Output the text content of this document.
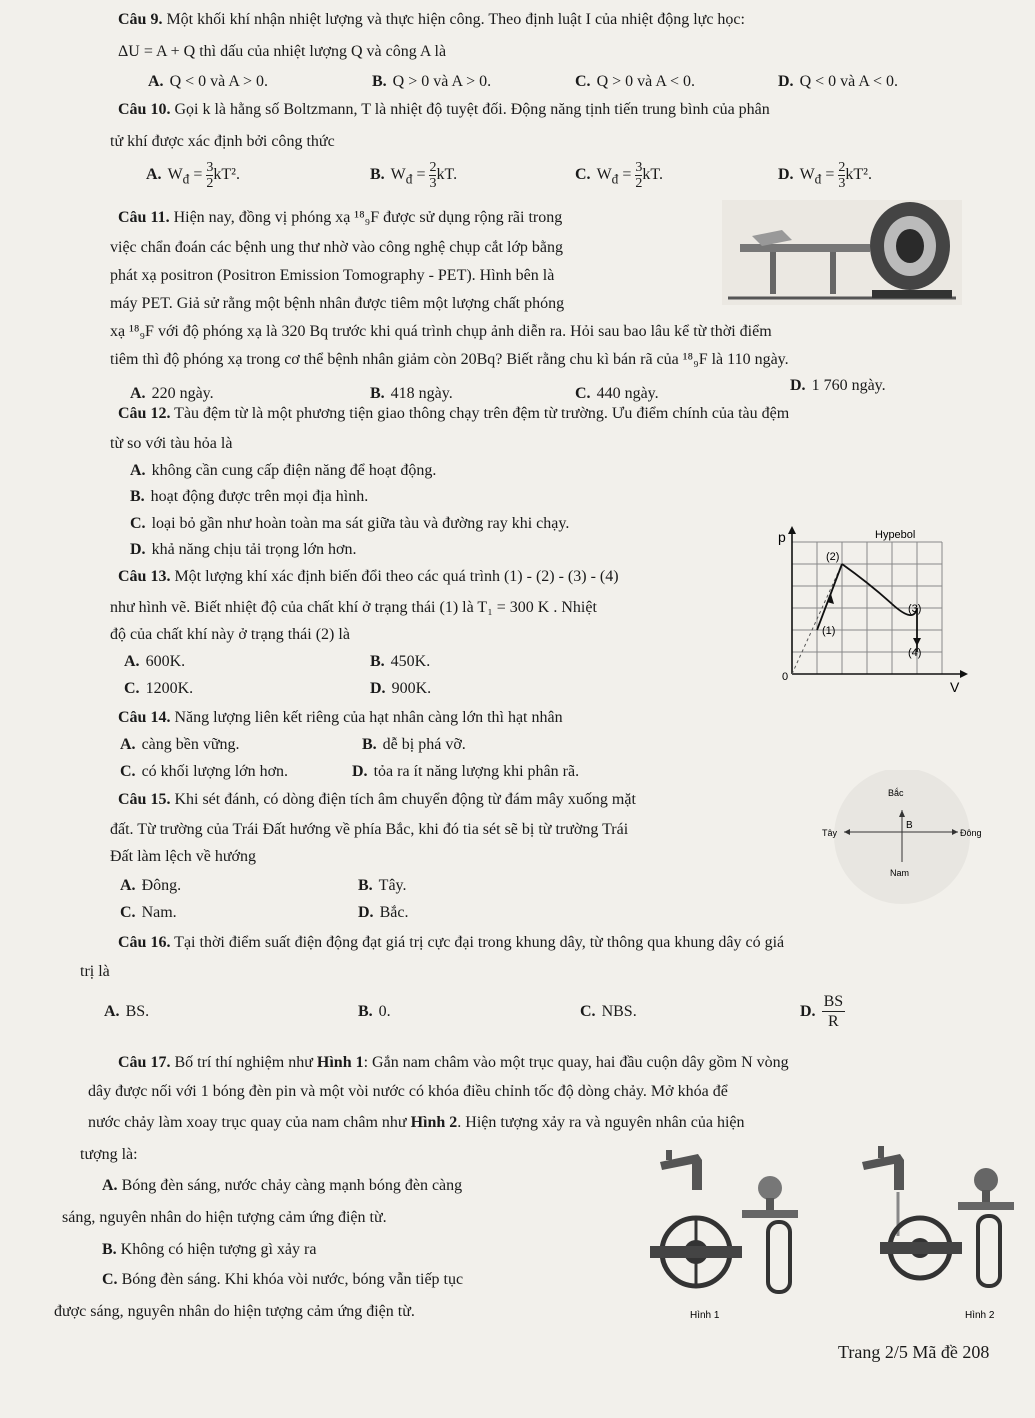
Câu 9. Một khối khí nhận nhiệt lượng và thực hiện công. Theo định luật I của nhiệt động lực học:
ΔU = A + Q thì dấu của nhiệt lượng Q và công A là
A. Q < 0 và A > 0.	B. Q > 0 và A > 0.	C. Q > 0 và A < 0.	D. Q < 0 và A < 0.
Câu 10. Gọi k là hằng số Boltzmann, T là nhiệt độ tuyệt đối. Động năng tịnh tiến trung bình của phân
tử khí được xác định bởi công thức
A. $W_đ = \frac{3}{2} kT^2$.	B. $W_đ = \frac{2}{3}$ kT.	C. $W_đ = \frac{3}{2}$ kT.	D. $W_đ = \frac{2}{3} kT^2$.
Câu 11. Hiện nay, đồng vị phóng xạ ¹⁸₉F được sử dụng rộng rãi trong
việc chẩn đoán các bệnh ung thư nhờ vào công nghệ chụp cắt lớp bằng
phát xạ positron (Positron Emission Tomography - PET). Hình bên là
máy PET. Giả sử rằng một bệnh nhân được tiêm một lượng chất phóng
xạ ¹⁸₉F với độ phóng xạ là 320 Bq trước khi quá trình chụp ảnh diễn ra. Hỏi sau bao lâu kể từ thời điểm
tiêm thì độ phóng xạ trong cơ thể bệnh nhân giảm còn 20Bq? Biết rằng chu kì bán rã của ¹⁸₉F là 110 ngày.
A. 220 ngày.	B. 418 ngày.	C. 440 ngày.	D. 1 760 ngày.
Câu 12. Tàu đệm từ là một phương tiện giao thông chạy trên đệm từ trường. Ưu điểm chính của tàu đệm
từ so với tàu hỏa là
A. không cần cung cấp điện năng để hoạt động.
B. hoạt động được trên mọi địa hình.
C. loại bỏ gần như hoàn toàn ma sát giữa tàu và đường ray khi chạy.
D. khả năng chịu tải trọng lớn hơn.
Câu 13. Một lượng khí xác định biến đổi theo các quá trình (1) - (2) - (3) - (4)
như hình vẽ. Biết nhiệt độ của chất khí ở trạng thái (1) là T₁ = 300 K . Nhiệt
độ của chất khí này ở trạng thái (2) là
A. 600K.	B. 450K.
C. 1200K.	D. 900K.
p
V
0
Hypebol
(2)
(3)
(1)
(4)
Câu 14. Năng lượng liên kết riêng của hạt nhân càng lớn thì hạt nhân
A. càng bền vững.	B. dễ bị phá vỡ.
C. có khối lượng lớn hơn.	D. tỏa ra ít năng lượng khi phân rã.
Câu 15. Khi sét đánh, có dòng điện tích âm chuyển động từ đám mây xuống mặt
đất. Từ trường của Trái Đất hướng về phía Bắc, khi đó tia sét sẽ bị từ trường Trái
Đất làm lệch về hướng
A. Đông.	B. Tây.
C. Nam.	D. Bắc.
Bắc
Nam
Tây	Đông
B
Câu 16. Tại thời điểm suất điện động đạt giá trị cực đại trong khung dây, từ thông qua khung dây có giá
trị là
A. BS.	B. 0.	C. NBS.	D. $\frac{BS}{R}$
Câu 17. Bố trí thí nghiệm như Hình 1: Gắn nam châm vào một trục quay, hai đầu cuộn dây gồm N vòng
dây được nối với 1 bóng đèn pin và một vòi nước có khóa điều chỉnh tốc độ dòng chảy. Mở khóa để
nước chảy làm xoay trục quay của nam châm như Hình 2. Hiện tượng xảy ra và nguyên nhân của hiện
tượng là:
A. Bóng đèn sáng, nước chảy càng mạnh bóng đèn càng
sáng, nguyên nhân do hiện tượng cảm ứng điện từ.
B. Không có hiện tượng gì xảy ra
C. Bóng đèn sáng. Khi khóa vòi nước, bóng vẫn tiếp tục
được sáng, nguyên nhân do hiện tượng cảm ứng điện từ.	Hình 1	Hình 2
Trang 2/5 Mã đề 208
